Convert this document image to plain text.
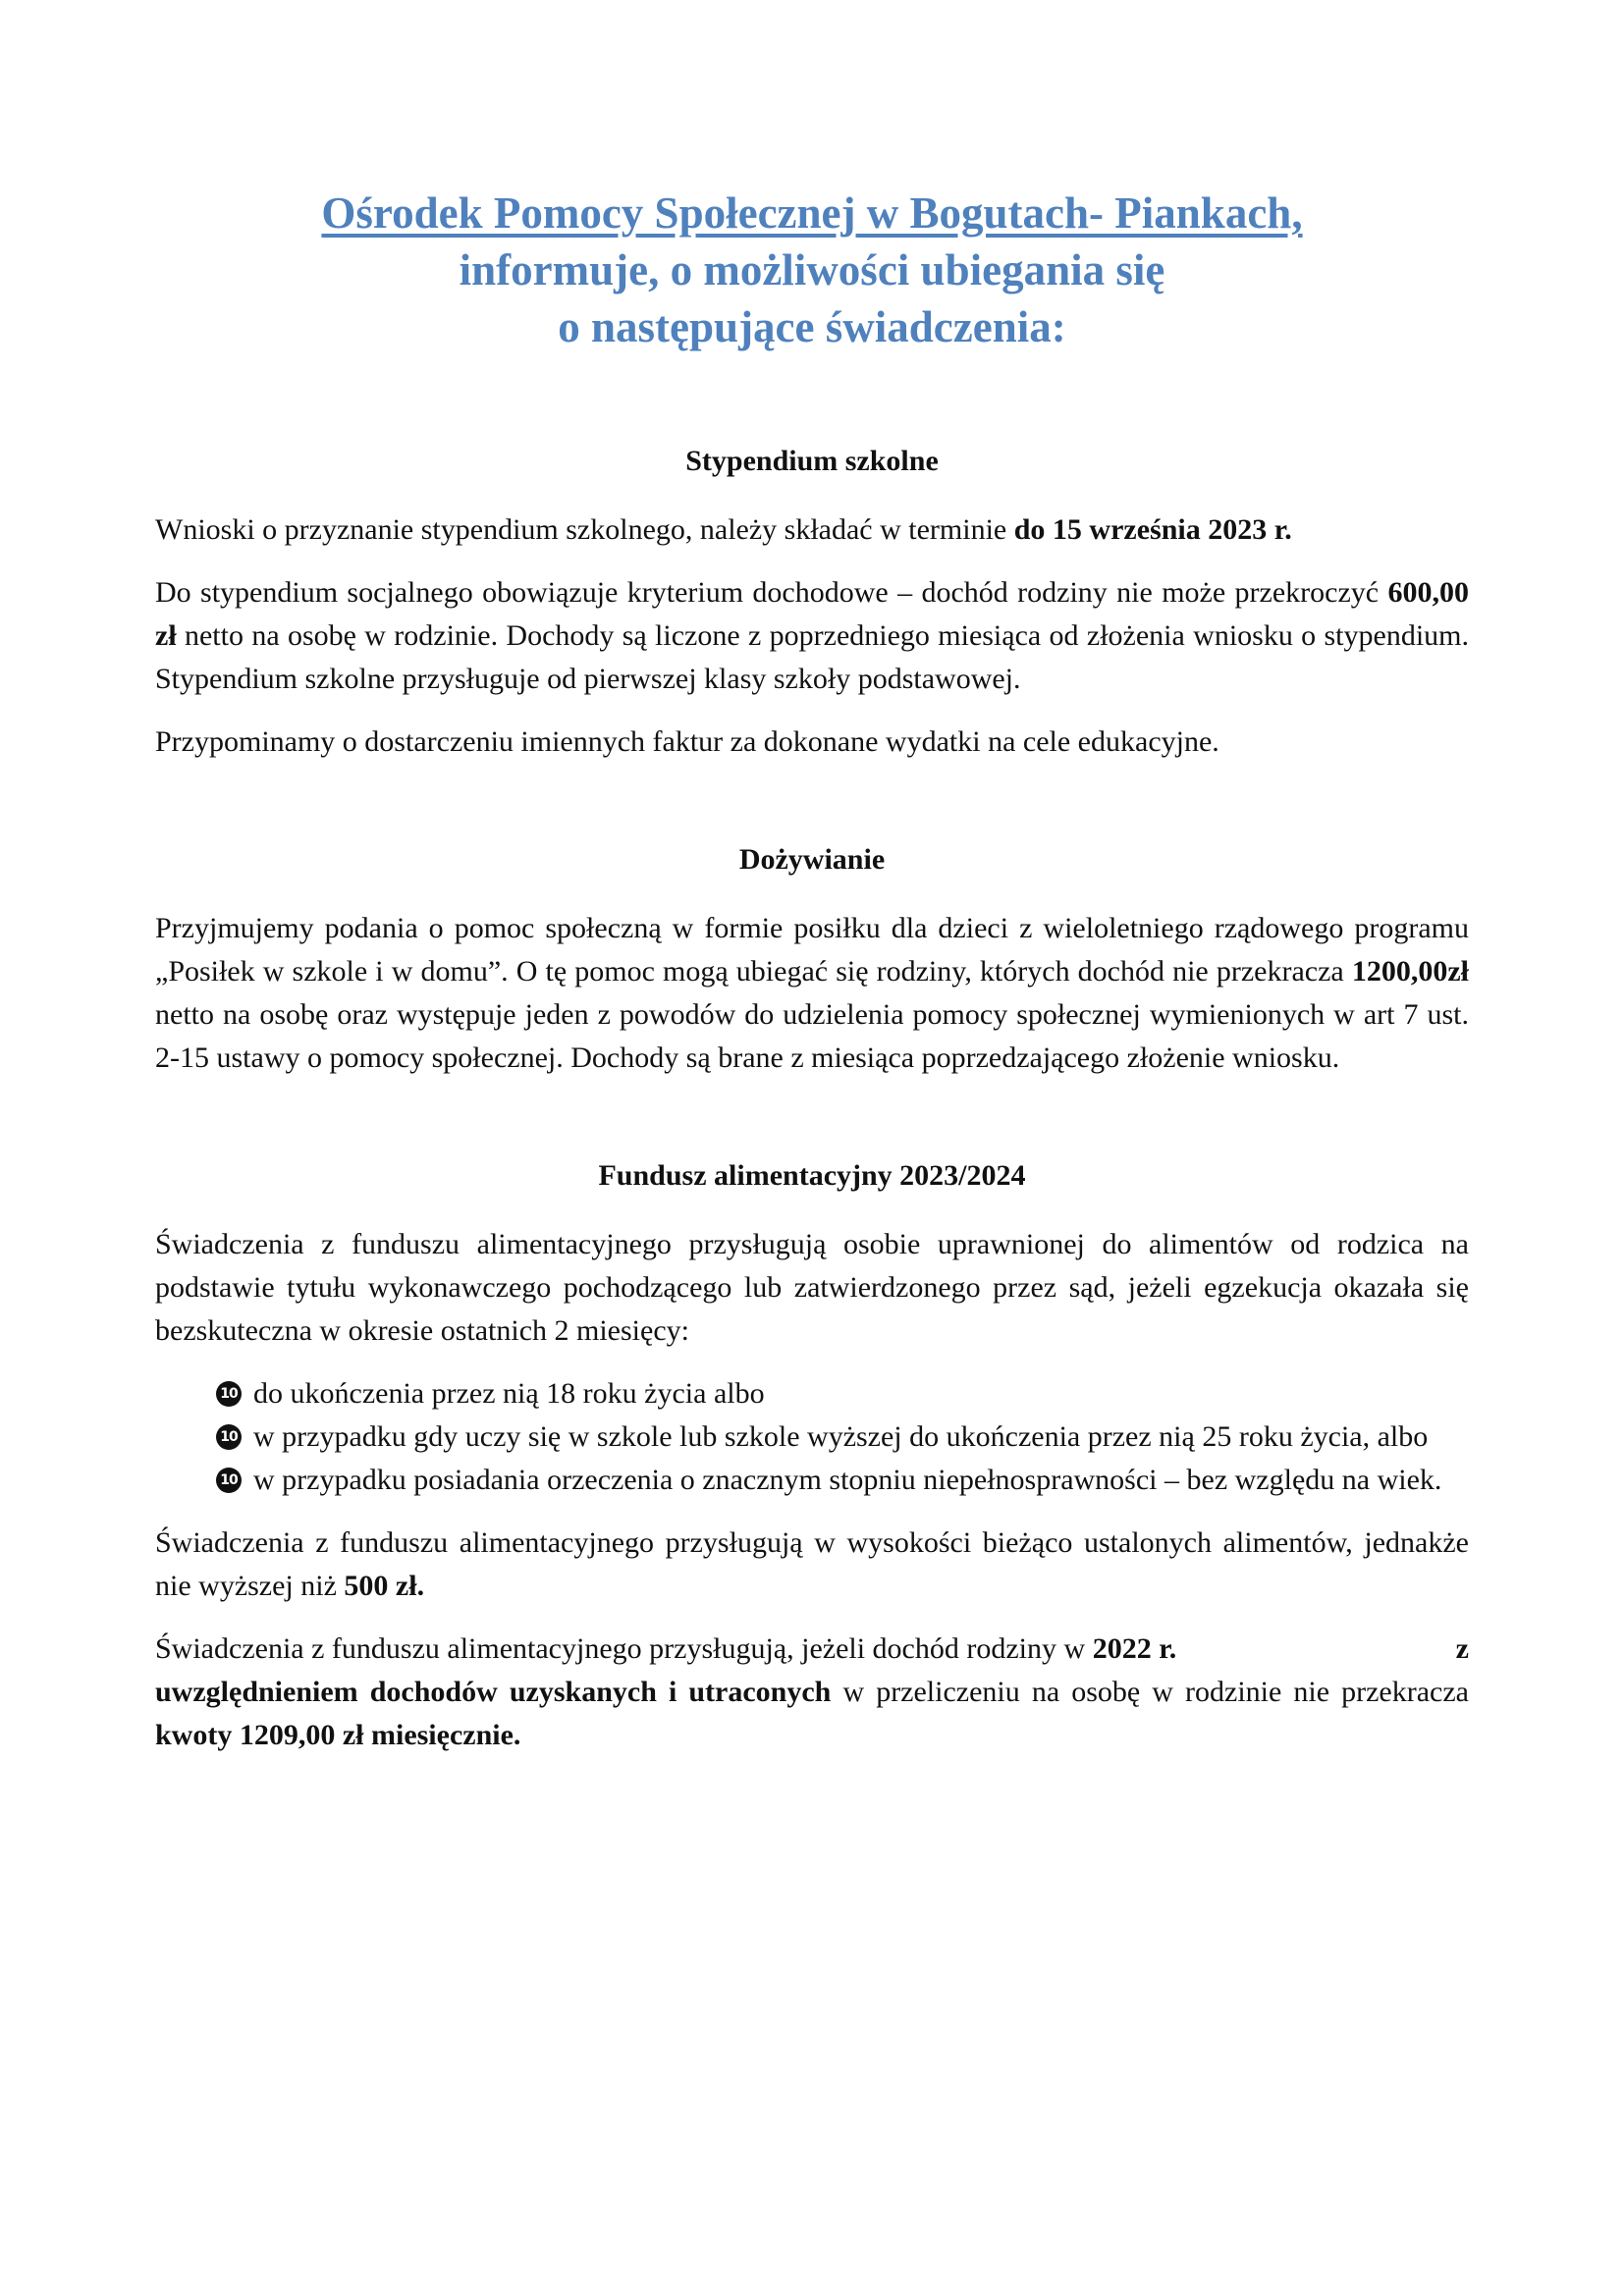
Ośrodek Pomocy Społecznej w Bogutach- Piankach,
informuje, o możliwości ubiegania się
o następujące świadczenia:
Stypendium szkolne

Wnioski o przyznanie stypendium szkolnego, należy składać w terminie do 15 września 2023 r.

Do stypendium socjalnego obowiązuje kryterium dochodowe – dochód rodziny nie może przekroczyć 600,00 zł netto na osobę w rodzinie. Dochody są liczone z poprzedniego miesiąca od złożenia wniosku o stypendium. Stypendium szkolne przysługuje od pierwszej klasy szkoły podstawowej.

Przypominamy o dostarczeniu imiennych faktur za dokonane wydatki na cele edukacyjne.

Dożywianie

Przyjmujemy podania o pomoc społeczną w formie posiłku dla dzieci z wieloletniego rządowego programu „Posiłek w szkole i w domu”. O tę pomoc mogą ubiegać się rodziny, których dochód nie przekracza 1200,00zł netto na osobę oraz występuje jeden z powodów do udzielenia pomocy społecznej wymienionych w art 7 ust. 2-15 ustawy o pomocy społecznej. Dochody są brane z miesiąca poprzedzającego złożenie wniosku.

Fundusz alimentacyjny 2023/2024

Świadczenia z funduszu alimentacyjnego przysługują osobie uprawnionej do alimentów od rodzica na podstawie tytułu wykonawczego pochodzącego lub zatwierdzonego przez sąd, jeżeli egzekucja okazała się bezskuteczna w okresie ostatnich 2 miesięcy:

10 do ukończenia przez nią 18 roku życia albo
10 w przypadku gdy uczy się w szkole lub szkole wyższej do ukończenia przez nią 25 roku życia, albo
10 w przypadku posiadania orzeczenia o znacznym stopniu niepełnosprawności – bez względu na wiek.

Świadczenia z funduszu alimentacyjnego przysługują w wysokości bieżąco ustalonych alimentów, jednakże nie wyższej niż 500 zł.

Świadczenia z funduszu alimentacyjnego przysługują, jeżeli dochód rodziny w 2022 r.	z
uwzględnieniem dochodów uzyskanych i utraconych w przeliczeniu na osobę w rodzinie nie przekracza kwoty 1209,00 zł miesięcznie.
